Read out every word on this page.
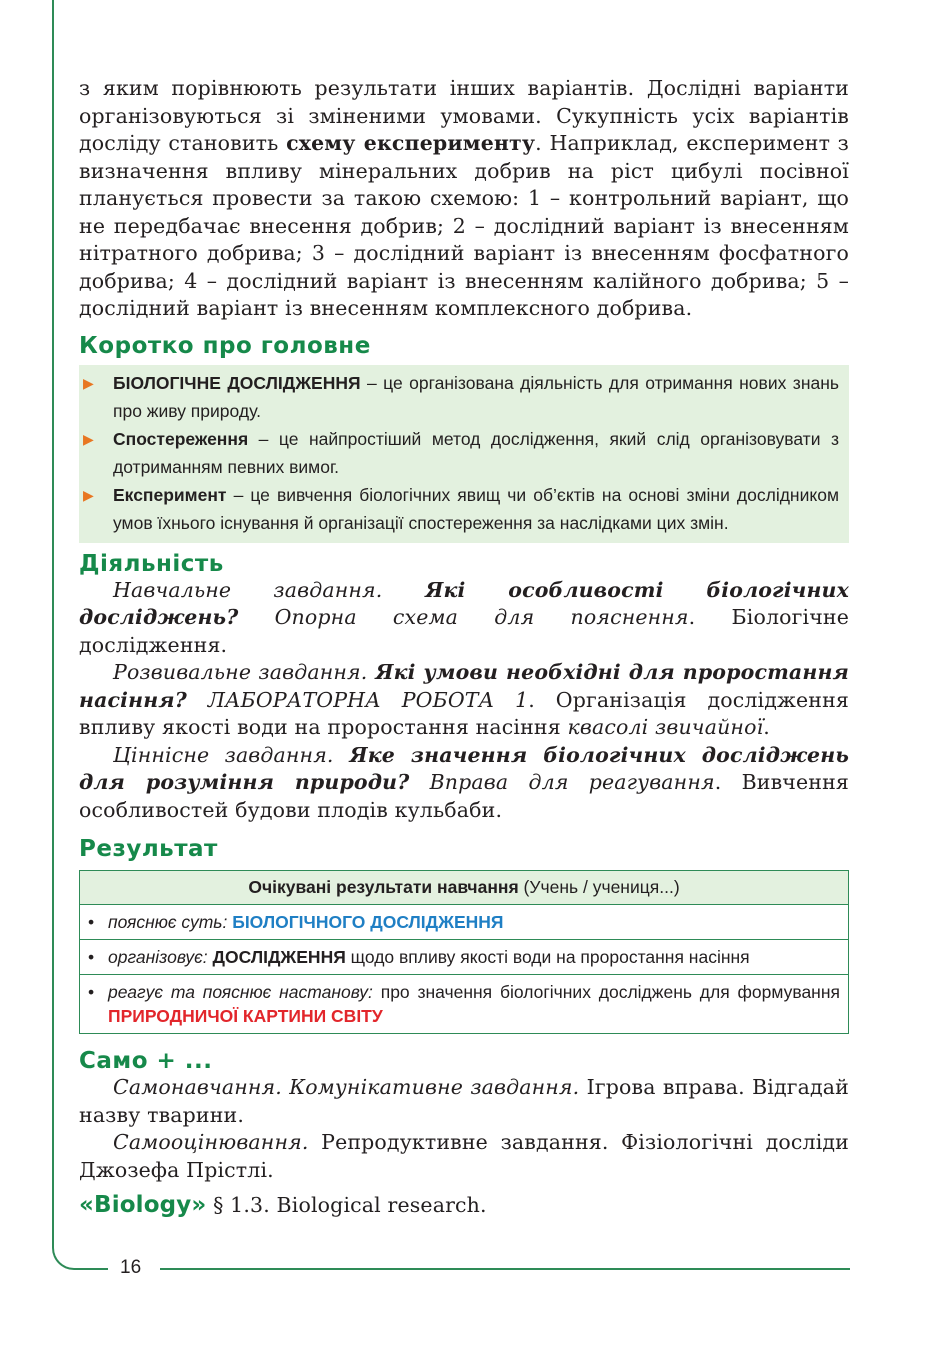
16

з яким порівнюють результати інших варіантів. Дослідні варіанти організовуються зі зміненими умовами. Сукупність усіх варіантів досліду становить схему експерименту. Наприклад, експеримент з визначення впливу мінеральних добрив на ріст цибулі посівної планується провести за такою схемою: 1 – контрольний варіант, що не передбачає внесення добрив; 2 – дослідний варіант із внесенням нітратного добрива; 3 – дослідний варіант із внесенням фосфатного добрива; 4 – дослідний варіант із внесенням калійного добрива; 5 – дослідний варіант із внесенням комплексного добрива.

Коротко про головне
▶ БІОЛОГІЧНЕ ДОСЛІДЖЕННЯ – це організована діяльність для отримання нових знань про живу природу.
▶ Спостереження – це найпростіший метод дослідження, який слід організовувати з дотриманням певних вимог.
▶ Експеримент – це вивчення біологічних явищ чи об’єктів на основі зміни дослідником умов їхнього існування й організації спостереження за наслідками цих змін.
Діяльність

Навчальне завдання. Які особливості біологічних досліджень? Опорна схема для пояснення. Біологічне дослідження.

Розвивальне завдання. Які умови необхідні для проростання насіння? ЛАБОРАТОРНА РОБОТА 1. Організація дослідження впливу якості води на проростання насіння квасолі звичайної.

Ціннісне завдання. Яке значення біологічних досліджень для розуміння природи? Вправа для реагування. Вивчення особливостей будови плодів кульбаби.

Результат
Очікувані результати навчання (Учень / учениця...)
• пояснює суть: БІОЛОГІЧНОГО ДОСЛІДЖЕННЯ
• організовує: ДОСЛІДЖЕННЯ щодо впливу якості води на проростання насіння
• реагує та пояснює настанову: про значення біологічних досліджень для формування ПРИРОДНИЧОЇ КАРТИНИ СВІТУ
Само + ...

Самонавчання. Комунікативне завдання. Ігрова вправа. Відгадай назву тварини.

Самооцінювання. Репродуктивне завдання. Фізіологічні досліди Джозефа Прістлі.

«Biology» § 1.3. Biological research.
